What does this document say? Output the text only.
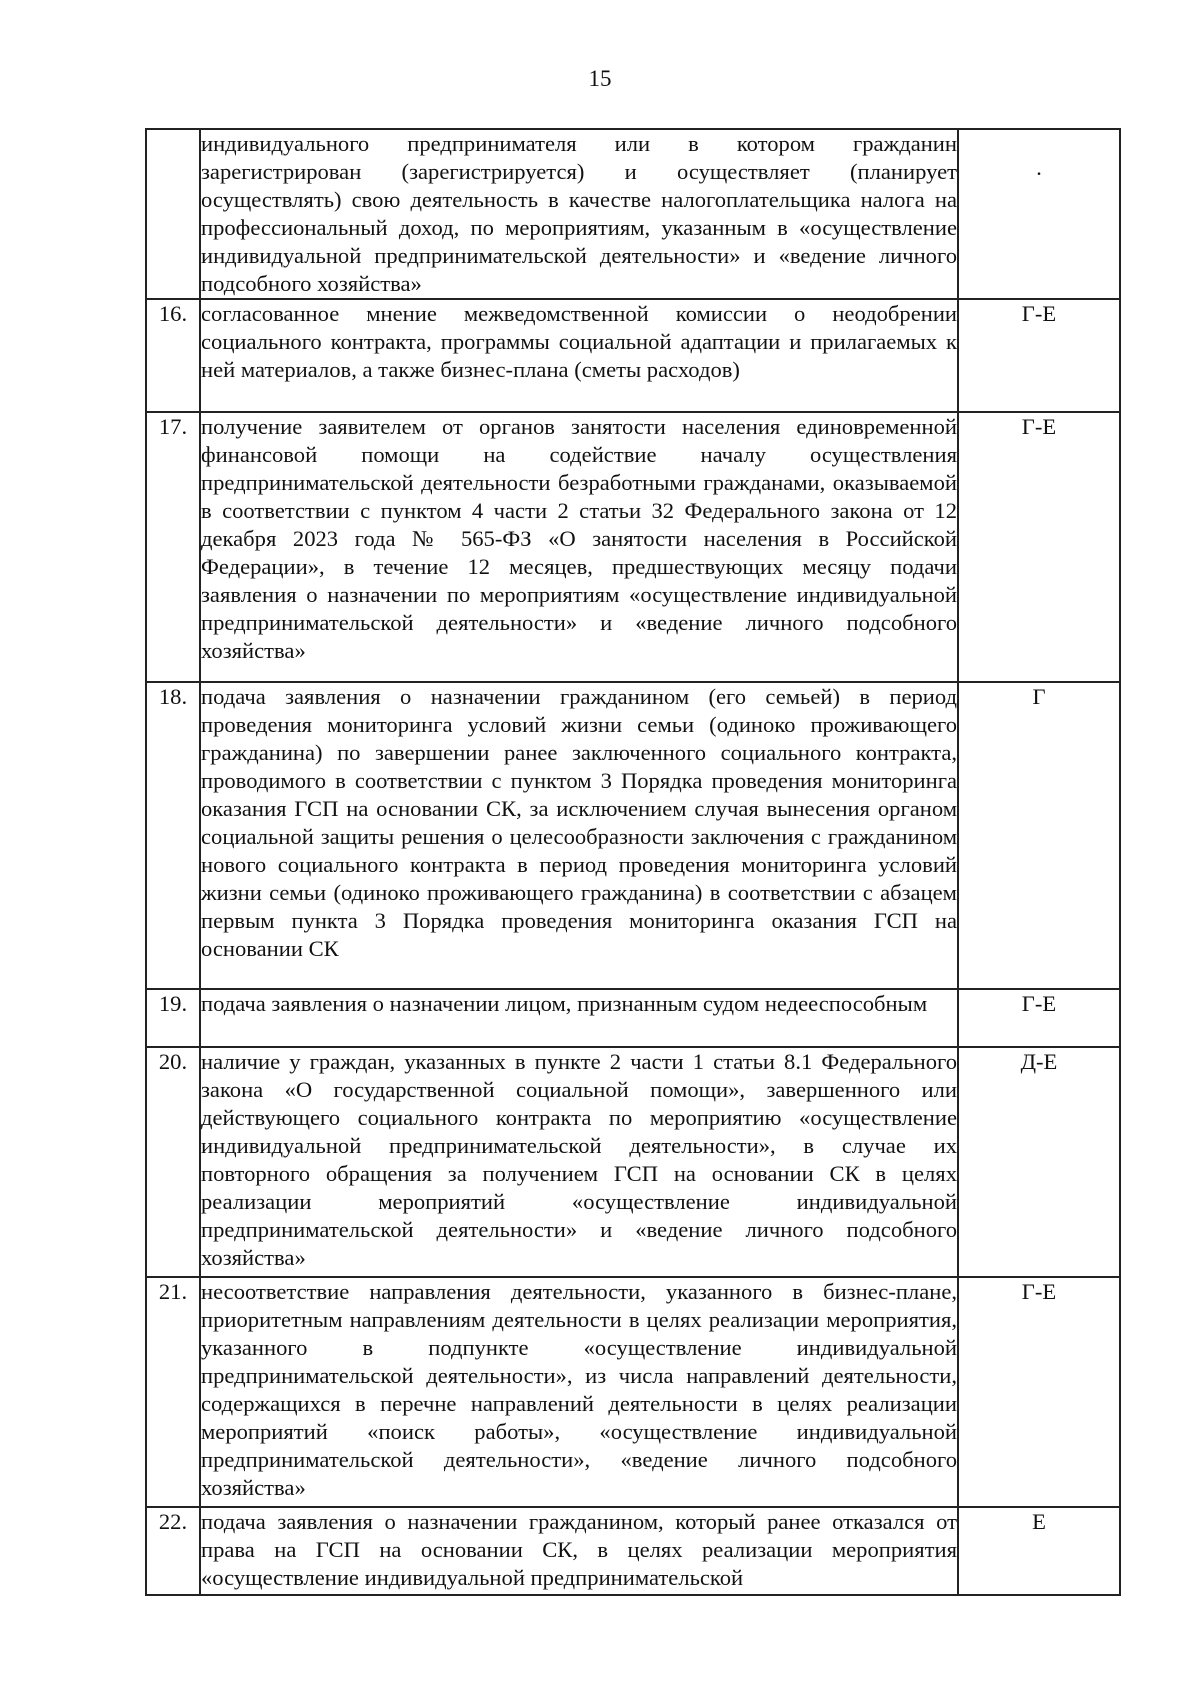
15
	индивидуального предпринимателя или в котором гражданин зарегистрирован (зарегистрируется) и осуществляет (планирует осуществлять) свою деятельность в качестве налогоплательщика налога на профессиональный доход, по мероприятиям, указанным в «осуществление индивидуальной предпринимательской деятельности» и «ведение личного подсобного хозяйства»	·
16.	согласованное мнение межведомственной комиссии о неодобрении социального контракта, программы социальной адаптации и прилагаемых к ней материалов, а также бизнес-плана (сметы расходов)	Г-Е
17.	получение заявителем от органов занятости населения единовременной финансовой помощи на содействие началу осуществления предпринимательской деятельности безработными гражданами, оказываемой в соответствии с пунктом 4 части 2 статьи 32 Федерального закона от 12 декабря 2023 года № 565-ФЗ «О занятости населения в Российской Федерации», в течение 12 месяцев, предшествующих месяцу подачи заявления о назначении по мероприятиям «осуществление индивидуальной предпринимательской деятельности» и «ведение личного подсобного хозяйства»	Г-Е
18.	подача заявления о назначении гражданином (его семьей) в период проведения мониторинга условий жизни семьи (одиноко проживающего гражданина) по завершении ранее заключенного социального контракта, проводимого в соответствии с пунктом 3 Порядка проведения мониторинга оказания ГСП на основании СК, за исключением случая вынесения органом социальной защиты решения о целесообразности заключения с гражданином нового социального контракта в период проведения мониторинга условий жизни семьи (одиноко проживающего гражданина) в соответствии с абзацем первым пункта 3 Порядка проведения мониторинга оказания ГСП на основании СК	Г
19.	подача заявления о назначении лицом, признанным судом недееспособным	Г-Е
20.	наличие у граждан, указанных в пункте 2 части 1 статьи 8.1 Федерального закона «О государственной социальной помощи», завершенного или действующего социального контракта по мероприятию «осуществление индивидуальной предпринимательской деятельности», в случае их повторного обращения за получением ГСП на основании СК в целях реализации мероприятий «осуществление индивидуальной предпринимательской деятельности» и «ведение личного подсобного хозяйства»	Д-Е
21.	несоответствие направления деятельности, указанного в бизнес-плане, приоритетным направлениям деятельности в целях реализации мероприятия, указанного в подпункте «осуществление индивидуальной предпринимательской деятельности», из числа направлений деятельности, содержащихся в перечне направлений деятельности в целях реализации мероприятий «поиск работы», «осуществление индивидуальной предпринимательской деятельности», «ведение личного подсобного хозяйства»	Г-Е
22.	подача заявления о назначении гражданином, который ранее отказался от права на ГСП на основании СК, в целях реализации мероприятия «осуществление индивидуальной предпринимательской	Е
